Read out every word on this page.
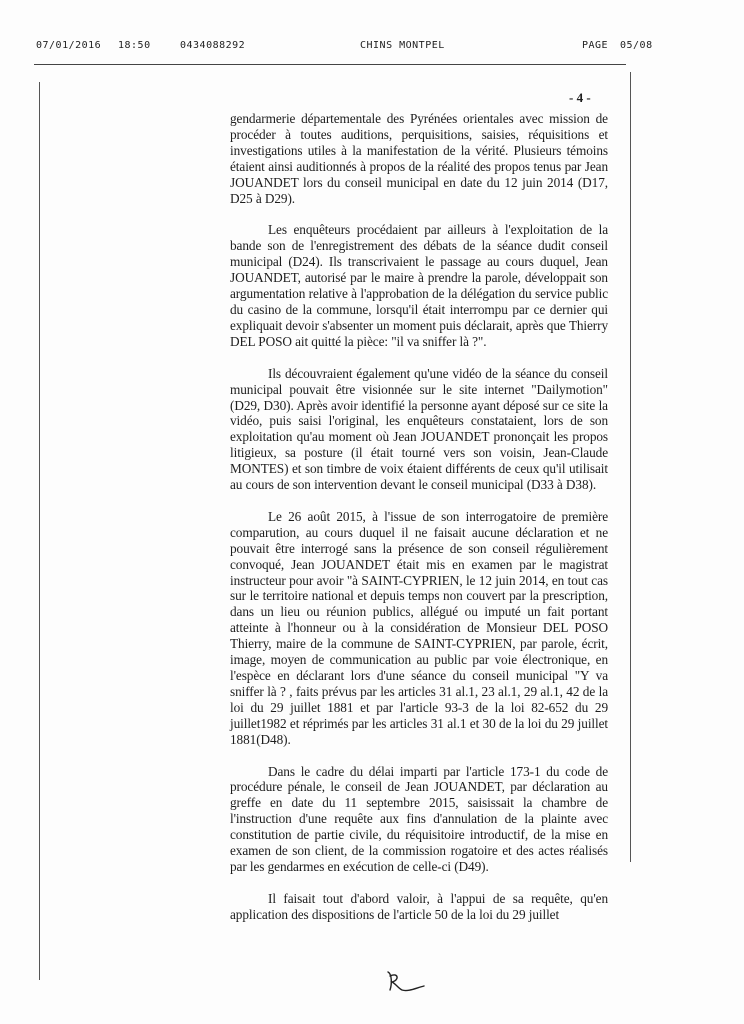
07/01/2016 18:50	0434088292	CHINS MONTPEL	PAGE 05/08
- 4 -

gendarmerie départementale des Pyrénées orientales avec mission de procéder à toutes auditions, perquisitions, saisies, réquisitions et investigations utiles à la manifestation de la vérité. Plusieurs témoins étaient ainsi auditionnés à propos de la réalité des propos tenus par Jean JOUANDET lors du conseil municipal en date du 12 juin 2014 (D17, D25 à D29).

Les enquêteurs procédaient par ailleurs à l'exploitation de la bande son de l'enregistrement des débats de la séance dudit conseil municipal (D24). Ils transcrivaient le passage au cours duquel, Jean JOUANDET, autorisé par le maire à prendre la parole, développait son argumentation relative à l'approbation de la délégation du service public du casino de la commune, lorsqu'il était interrompu par ce dernier qui expliquait devoir s'absenter un moment puis déclarait, après que Thierry DEL POSO ait quitté la pièce: "il va sniffer là ?".

Ils découvraient également qu'une vidéo de la séance du conseil municipal pouvait être visionnée sur le site internet "Dailymotion" (D29, D30). Après avoir identifié la personne ayant déposé sur ce site la vidéo, puis saisi l'original, les enquêteurs constataient, lors de son exploitation qu'au moment où Jean JOUANDET prononçait les propos litigieux, sa posture (il était tourné vers son voisin, Jean-Claude MONTES) et son timbre de voix étaient différents de ceux qu'il utilisait au cours de son intervention devant le conseil municipal (D33 à D38).

Le 26 août 2015, à l'issue de son interrogatoire de première comparution, au cours duquel il ne faisait aucune déclaration et ne pouvait être interrogé sans la présence de son conseil régulièrement convoqué, Jean JOUANDET était mis en examen par le magistrat instructeur pour avoir "à SAINT-CYPRIEN, le 12 juin 2014, en tout cas sur le territoire national et depuis temps non couvert par la prescription, dans un lieu ou réunion publics, allégué ou imputé un fait portant atteinte à l'honneur ou à la considération de Monsieur DEL POSO Thierry, maire de la commune de SAINT-CYPRIEN, par parole, écrit, image, moyen de communication au public par voie électronique, en l'espèce en déclarant lors d'une séance du conseil municipal "Y va sniffer là ? , faits prévus par les articles 31 al.1, 23 al.1, 29 al.1, 42 de la loi du 29 juillet 1881 et par l'article 93-3 de la loi 82-652 du 29 juillet1982 et réprimés par les articles 31 al.1 et 30 de la loi du 29 juillet 1881(D48).

Dans le cadre du délai imparti par l'article 173-1 du code de procédure pénale, le conseil de Jean JOUANDET, par déclaration au greffe en date du 11 septembre 2015, saisissait la chambre de l'instruction d'une requête aux fins d'annulation de la plainte avec constitution de partie civile, du réquisitoire introductif, de la mise en examen de son client, de la commission rogatoire et des actes réalisés par les gendarmes en exécution de celle-ci (D49).

Il faisait tout d'abord valoir, à l'appui de sa requête, qu'en application des dispositions de l'article 50 de la loi du 29 juillet
